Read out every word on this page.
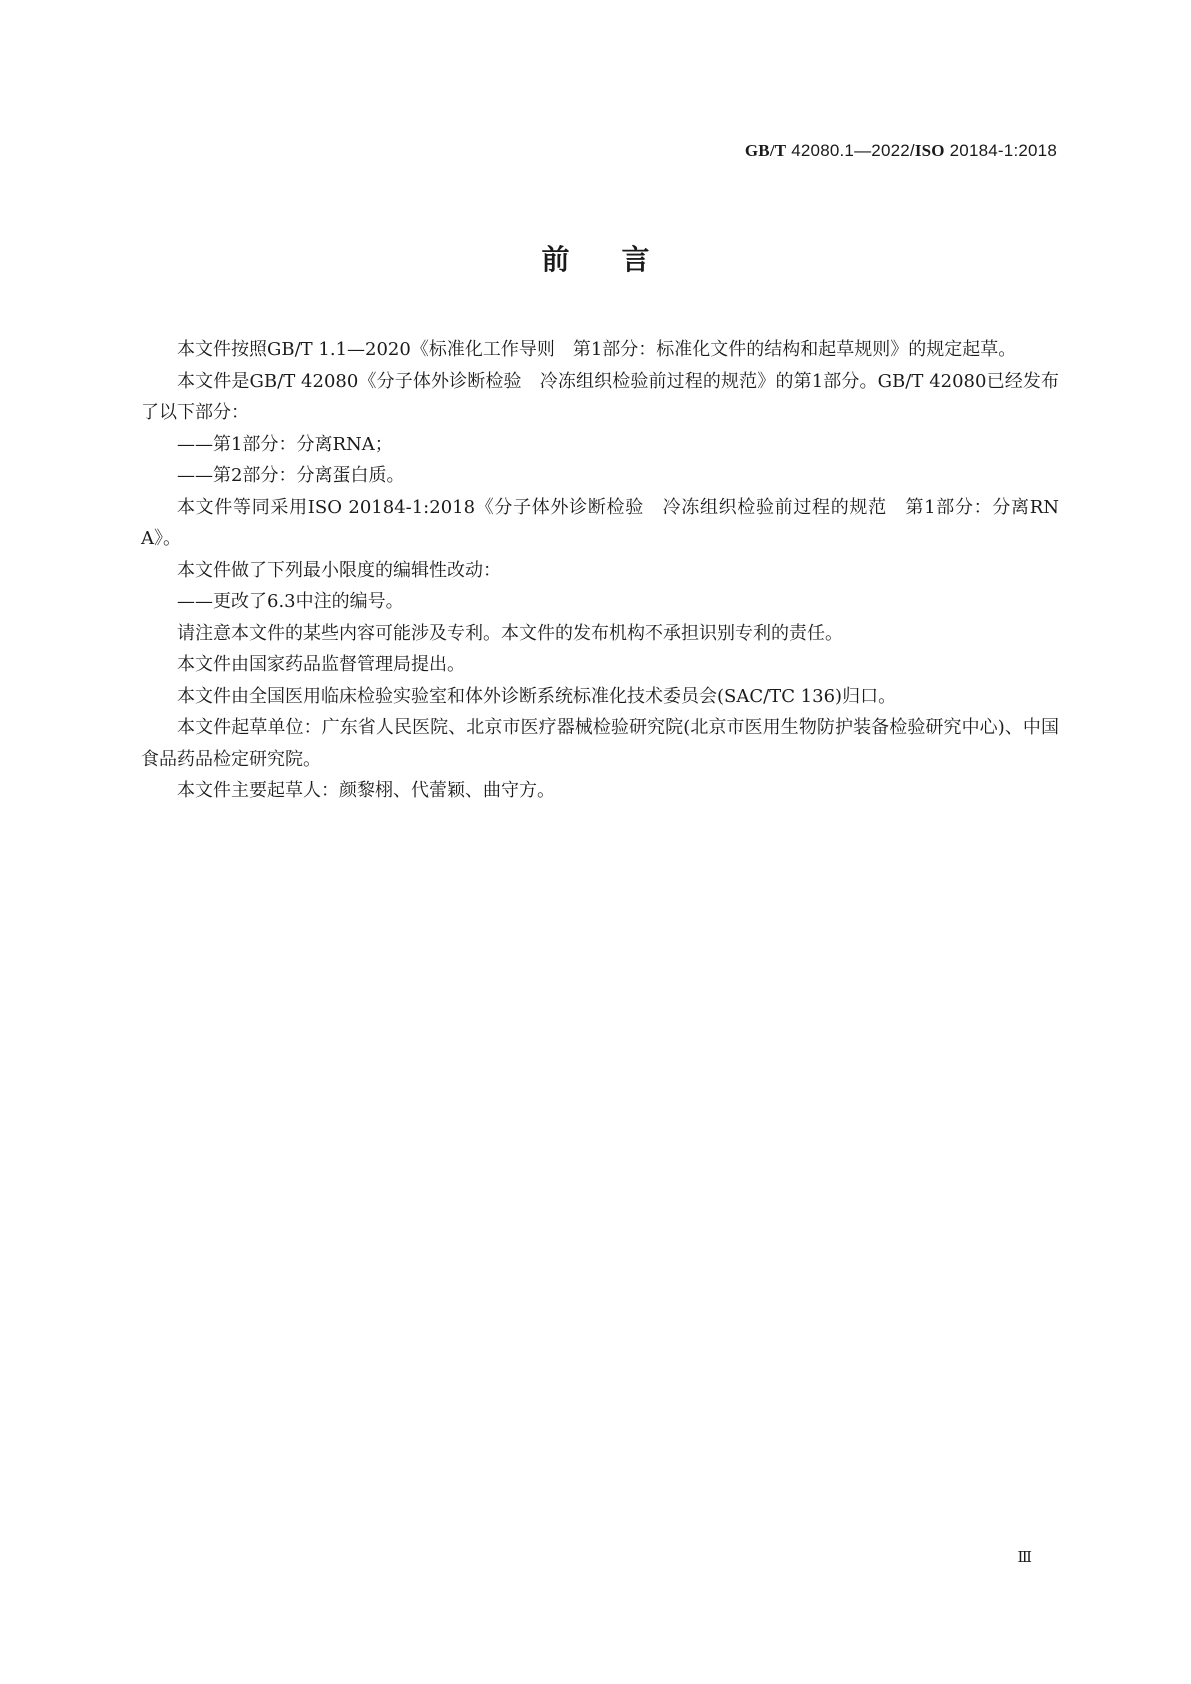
GB/T 42080.1—2022/ISO 20184-1:2018
前言

本文件按照GB/T 1.1—2020《标准化工作导则　第1部分：标准化文件的结构和起草规则》的规定起草。

本文件是GB/T 42080《分子体外诊断检验　冷冻组织检验前过程的规范》的第1部分。GB/T 42080已经发布了以下部分：

——第1部分：分离RNA；

——第2部分：分离蛋白质。

本文件等同采用ISO 20184-1:2018《分子体外诊断检验　冷冻组织检验前过程的规范　第1部分：分离RNA》。

本文件做了下列最小限度的编辑性改动：

——更改了6.3中注的编号。

请注意本文件的某些内容可能涉及专利。本文件的发布机构不承担识别专利的责任。

本文件由国家药品监督管理局提出。

本文件由全国医用临床检验实验室和体外诊断系统标准化技术委员会(SAC/TC 136)归口。

本文件起草单位：广东省人民医院、北京市医疗器械检验研究院(北京市医用生物防护装备检验研究中心)、中国食品药品检定研究院。

本文件主要起草人：颜黎栩、代蕾颖、曲守方。

Ⅲ
